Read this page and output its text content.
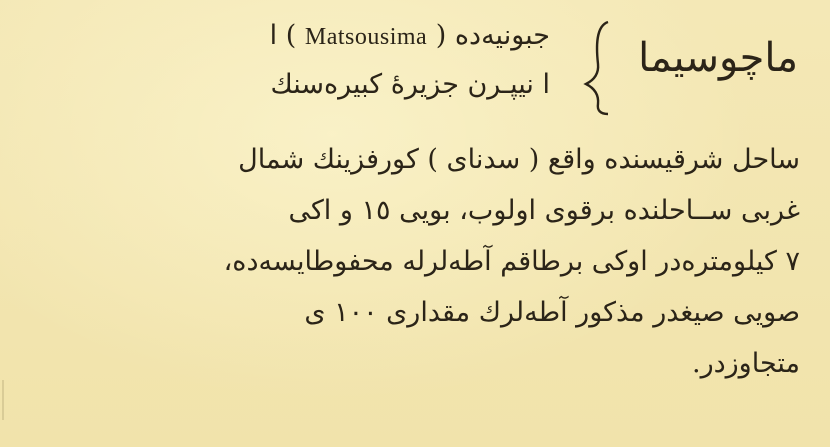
ماچوسيما
جبونيه‌ده ( Matsousima ) ا
ا نيپـرن جزيرهٔ كبيره‌سنك
ساحل شرقيسنده واقع ( سدناى ) كورفزينك شمال
غربى ســاحلنده برقوى اولوب، بويى ١٥ و اكى
٧ كيلومتره‌در اوكى برطاقم آطه‌لرله محفوطايسه‌ده،
صويى صيغدر مذكور آطه‌لرك مقدارى ١٠٠ ى
متجاوزدر.
